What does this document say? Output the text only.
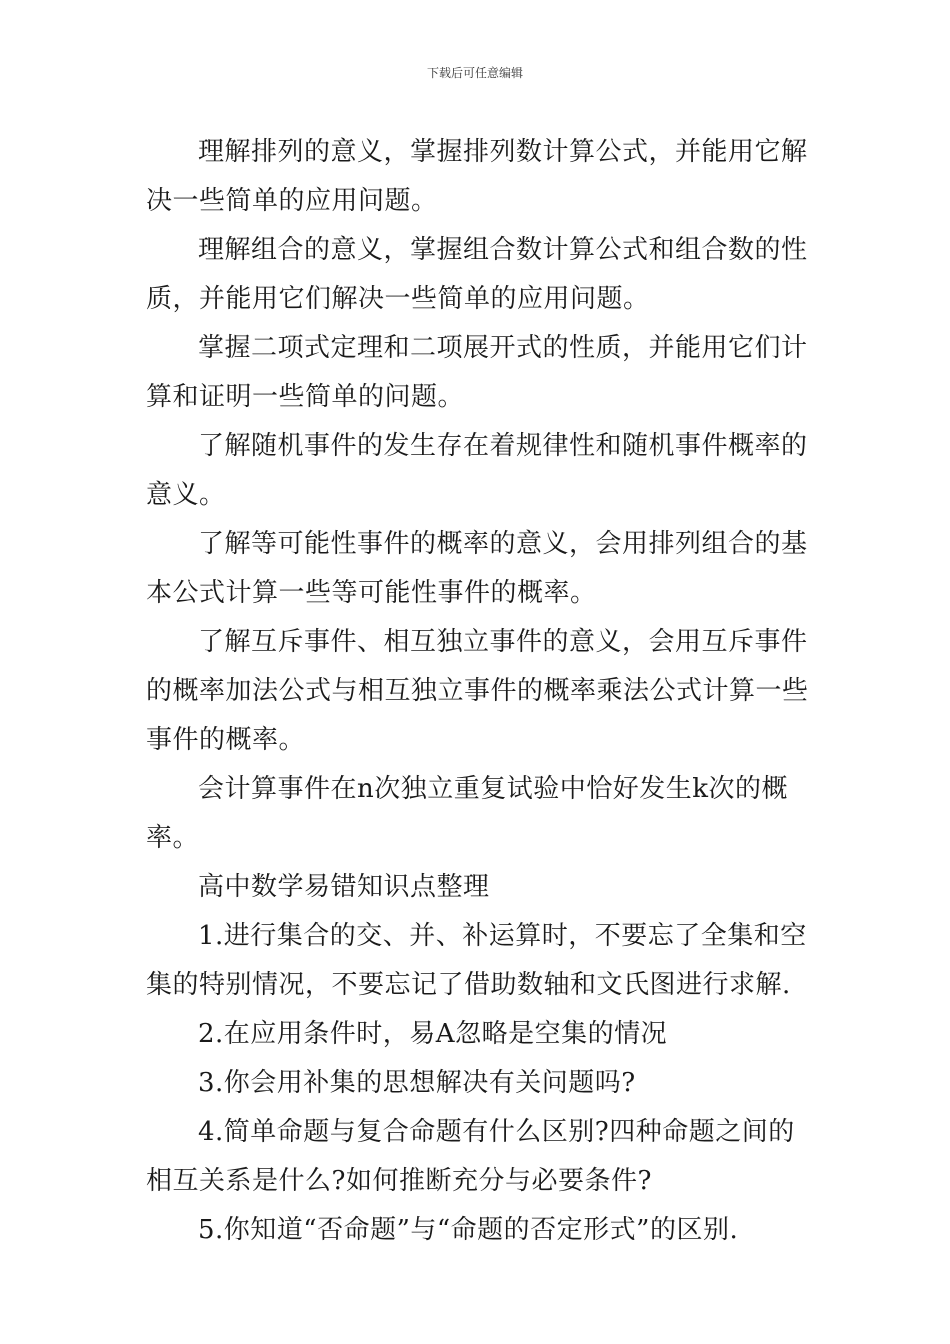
下载后可任意编辑

理解排列的意义，掌握排列数计算公式，并能用它解决一些简单的应用问题。

理解组合的意义，掌握组合数计算公式和组合数的性质，并能用它们解决一些简单的应用问题。

掌握二项式定理和二项展开式的性质，并能用它们计算和证明一些简单的问题。

了解随机事件的发生存在着规律性和随机事件概率的意义。

了解等可能性事件的概率的意义，会用排列组合的基本公式计算一些等可能性事件的概率。

了解互斥事件、相互独立事件的意义，会用互斥事件的概率加法公式与相互独立事件的概率乘法公式计算一些事件的概率。

会计算事件在n次独立重复试验中恰好发生k次的概率。

高中数学易错知识点整理

1.进行集合的交、并、补运算时，不要忘了全集和空集的特别情况，不要忘记了借助数轴和文氏图进行求解.

2.在应用条件时，易A忽略是空集的情况

3.你会用补集的思想解决有关问题吗?

4.简单命题与复合命题有什么区别?四种命题之间的相互关系是什么?如何推断充分与必要条件?

5.你知道“否命题”与“命题的否定形式”的区别.
